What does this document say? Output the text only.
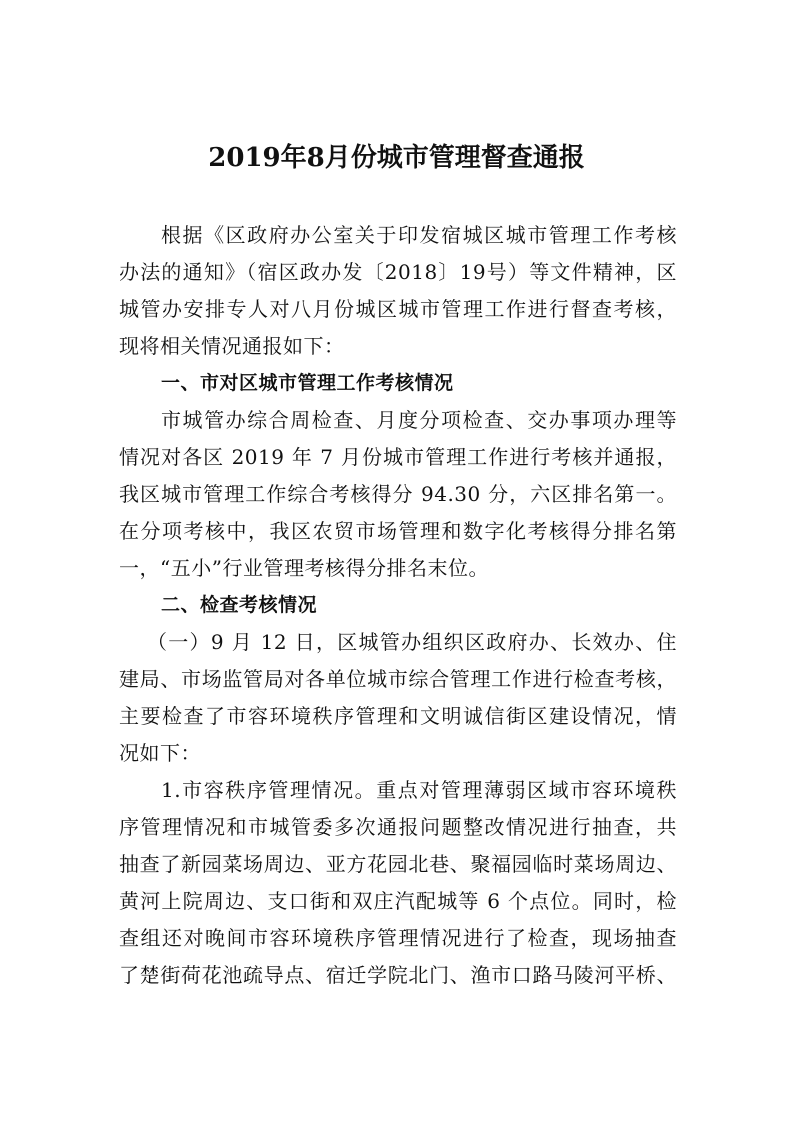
2019年8月份城市管理督查通报
根据《区政府办公室关于印发宿城区城市管理工作考核
办法的通知》（宿区政办发〔2018〕19号）等文件精神，区
城管办安排专人对八月份城区城市管理工作进行督查考核，
现将相关情况通报如下：
一、市对区城市管理工作考核情况
市城管办综合周检查、月度分项检查、交办事项办理等
情况对各区 2019 年 7 月份城市管理工作进行考核并通报，
我区城市管理工作综合考核得分 94.30 分，六区排名第一。
在分项考核中，我区农贸市场管理和数字化考核得分排名第
一，“五小”行业管理考核得分排名末位。
二、检查考核情况
（一）9 月 12 日，区城管办组织区政府办、长效办、住
建局、市场监管局对各单位城市综合管理工作进行检查考核，
主要检查了市容环境秩序管理和文明诚信街区建设情况，情
况如下：
1.市容秩序管理情况。重点对管理薄弱区域市容环境秩
序管理情况和市城管委多次通报问题整改情况进行抽查，共
抽查了新园菜场周边、亚方花园北巷、聚福园临时菜场周边、
黄河上院周边、支口街和双庄汽配城等 6 个点位。同时，检
查组还对晚间市容环境秩序管理情况进行了检查，现场抽查
了楚街荷花池疏导点、宿迁学院北门、渔市口路马陵河平桥、
